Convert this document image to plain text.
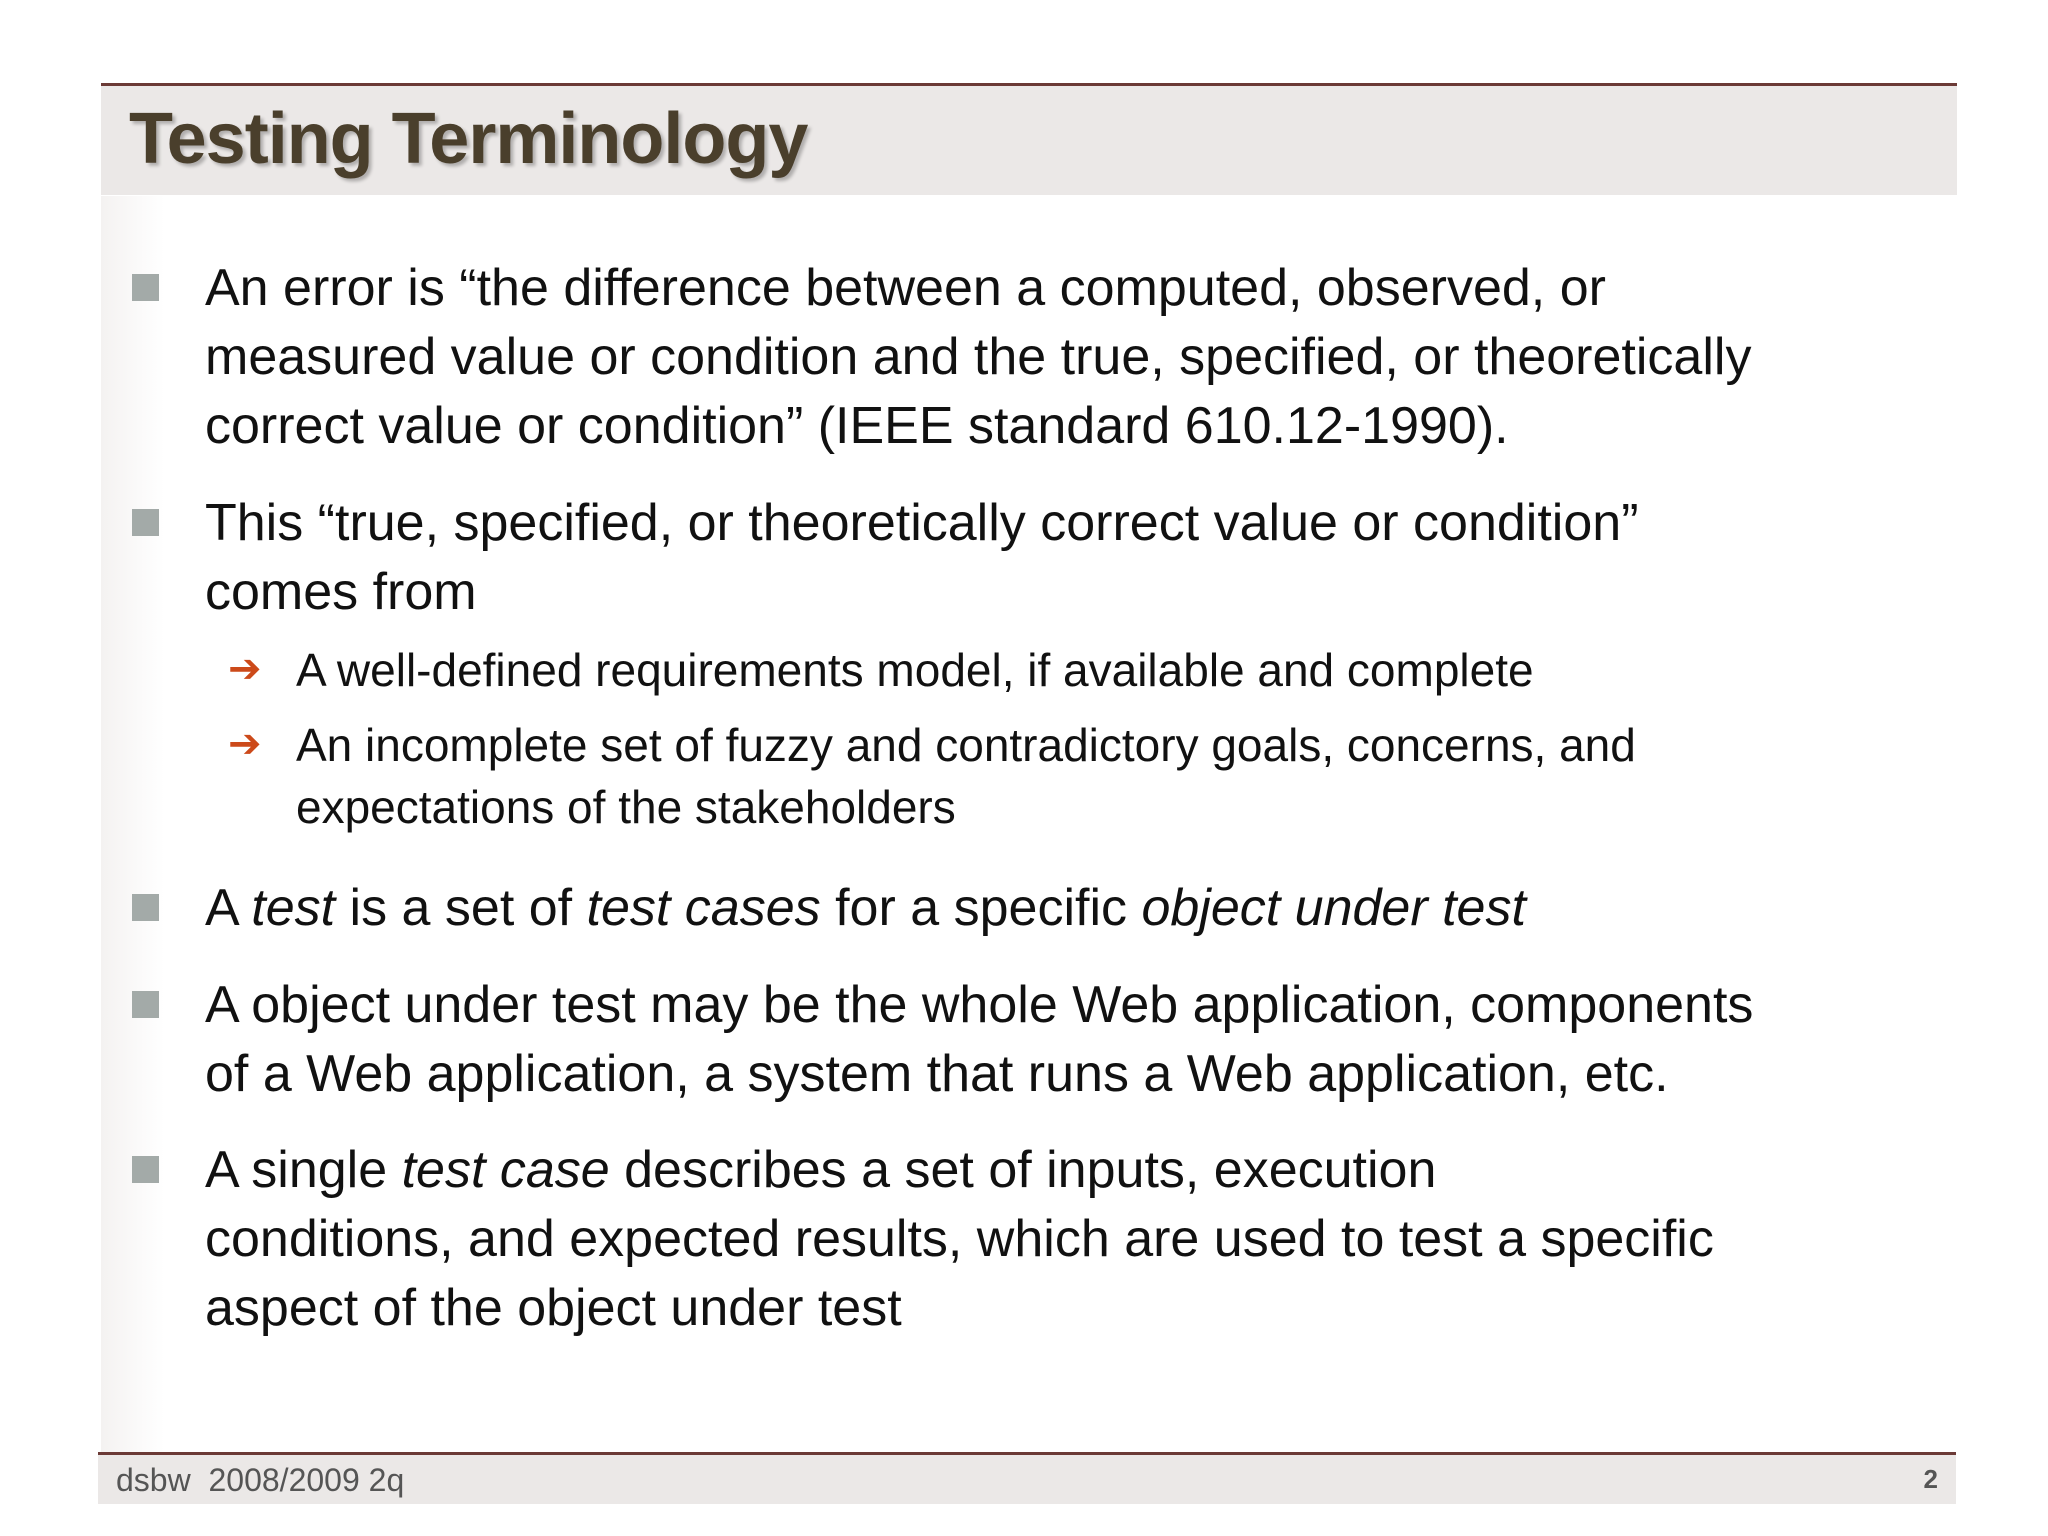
Testing Terminology
An error is “the difference between a computed, observed, or
measured value or condition and the true, specified, or theoretically
correct value or condition” (IEEE standard 610.12-1990).
This “true, specified, or theoretically correct value or condition”
comes from
➔ A well-defined requirements model, if available and complete
➔ An incomplete set of fuzzy and contradictory goals, concerns, and
expectations of the stakeholders
A test is a set of test cases for a specific object under test
A object under test may be the whole Web application, components
of a Web application, a system that runs a Web application, etc.
A single test case describes a set of inputs, execution
conditions, and expected results, which are used to test a specific
aspect of the object under test
dsbw  2008/2009 2q	2
